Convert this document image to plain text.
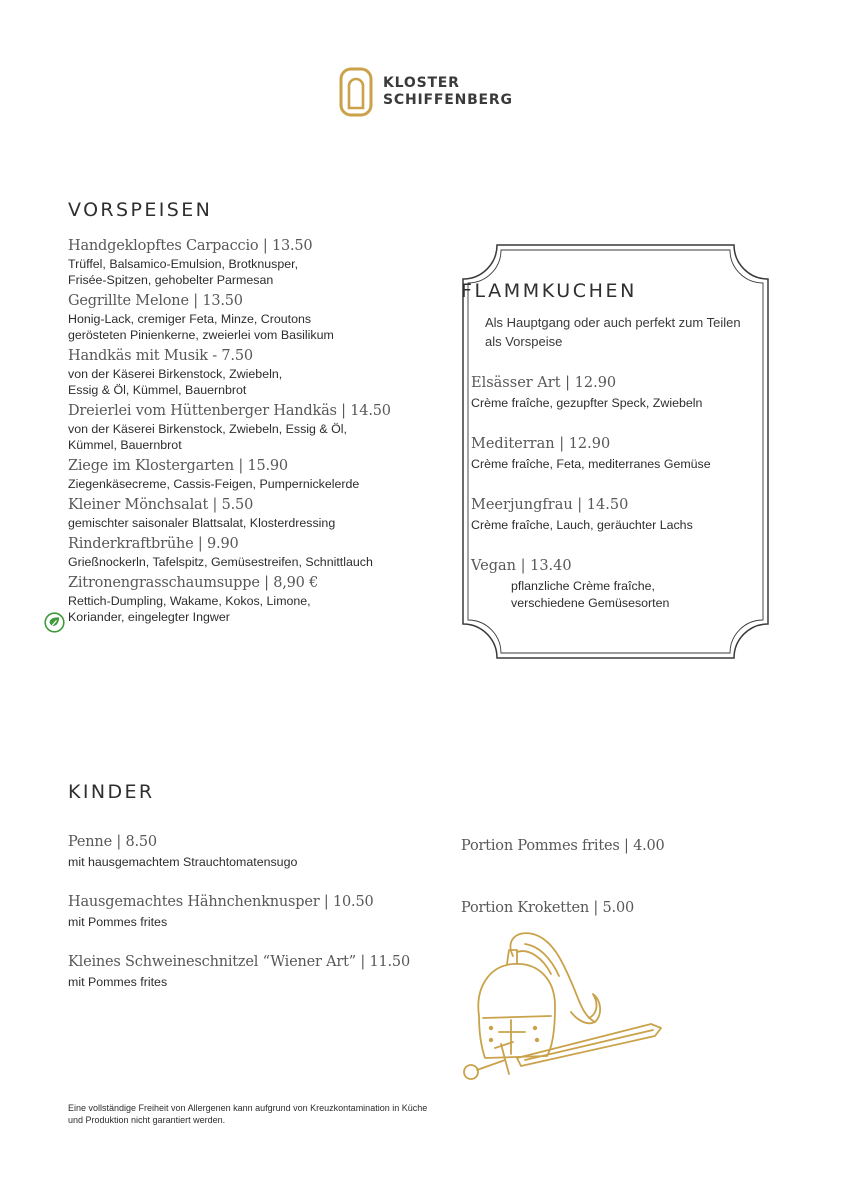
KLOSTER
SCHIFFENBERG
VORSPEISEN
Handgeklopftes Carpaccio | 13.50
Trüffel, Balsamico-Emulsion, Brotknusper, Frisée-Spitzen, gehobelter Parmesan
Gegrillte Melone | 13.50
Honig-Lack, cremiger Feta, Minze, Croutons gerösteten Pinienkerne, zweierlei vom Basilikum
Handkäs mit Musik - 7.50
von der Käserei Birkenstock, Zwiebeln, Essig & Öl, Kümmel, Bauernbrot
Dreierlei vom Hüttenberger Handkäs | 14.50
von der Käserei Birkenstock, Zwiebeln, Essig & Öl, Kümmel, Bauernbrot
Ziege im Klostergarten | 15.90
Ziegenkäsecreme, Cassis-Feigen, Pumpernickelerde
Kleiner Mönchsalat | 5.50
gemischter saisonaler Blattsalat, Klosterdressing
Rinderkraftbrühe | 9.90
Grießnockerln, Tafelspitz, Gemüsestreifen, Schnittlauch
Zitronengrasschaumsuppe | 8,90 €
Rettich-Dumpling, Wakame, Kokos, Limone, Koriander, eingelegter Ingwer
FLAMMKUCHEN
Als Hauptgang oder auch perfekt zum Teilen als Vorspeise
Elsässer Art | 12.90
Crème fraîche, gezupfter Speck, Zwiebeln
Mediterran | 12.90
Crème fraîche, Feta, mediterranes Gemüse
Meerjungfrau | 14.50
Crème fraîche, Lauch, geräuchter Lachs
Vegan | 13.40
pflanzliche Crème fraîche, verschiedene Gemüsesorten
KINDER
Penne | 8.50
mit hausgemachtem Strauchtomatensugo
Hausgemachtes Hähnchenknusper | 10.50
mit Pommes frites
Kleines Schweineschnitzel “Wiener Art” | 11.50
mit Pommes frites
Portion Pommes frites | 4.00
Portion Kroketten | 5.00
Eine vollständige Freiheit von Allergenen kann aufgrund von Kreuzkontamination in Küche und Produktion nicht garantiert werden.
